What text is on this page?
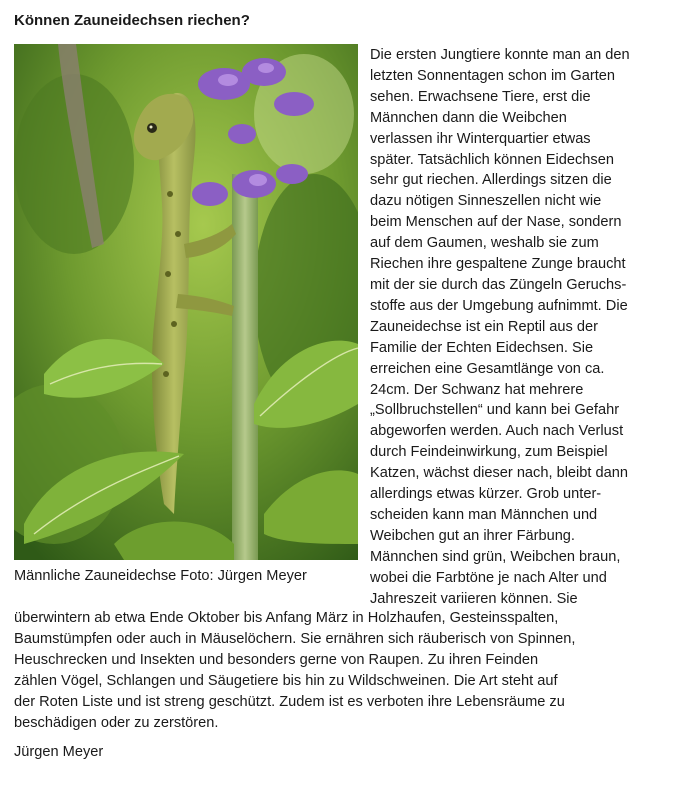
Können Zauneidechsen riechen?
Männliche Zauneidechse Foto: Jürgen Meyer
Die ersten Jungtiere konnte man an den
letzten Sonnentagen schon im Garten
sehen. Erwachsene Tiere, erst die
Männchen dann die Weibchen
verlassen ihr Winterquartier etwas
später. Tatsächlich können Eidechsen
sehr gut riechen. Allerdings sitzen die
dazu nötigen Sinneszellen nicht wie
beim Menschen auf der Nase, sondern
auf dem Gaumen, weshalb sie zum
Riechen ihre gespaltene Zunge braucht
mit der sie durch das Züngeln Geruchs-
stoffe aus der Umgebung aufnimmt. Die
Zauneidechse ist ein Reptil aus der
Familie der Echten Eidechsen. Sie
erreichen eine Gesamtlänge von ca.
24cm. Der Schwanz hat mehrere
„Sollbruchstellen“ und kann bei Gefahr
abgeworfen werden. Auch nach Verlust
durch Feindeinwirkung, zum Beispiel
Katzen, wächst dieser nach, bleibt dann
allerdings etwas kürzer. Grob unter-
scheiden kann man Männchen und
Weibchen gut an ihrer Färbung.
Männchen sind grün, Weibchen braun,
wobei die Farbtöne je nach Alter und
Jahreszeit variieren können. Sie
überwintern ab etwa Ende Oktober bis Anfang März in Holzhaufen, Gesteinsspalten,
Baumstümpfen oder auch in Mäuselöchern. Sie ernähren sich räuberisch von Spinnen,
Heuschrecken und Insekten und besonders gerne von Raupen. Zu ihren Feinden
zählen Vögel, Schlangen und Säugetiere bis hin zu Wildschweinen. Die Art steht auf
der Roten Liste und ist streng geschützt. Zudem ist es verboten ihre Lebensräume zu
beschädigen oder zu zerstören.
Jürgen Meyer
